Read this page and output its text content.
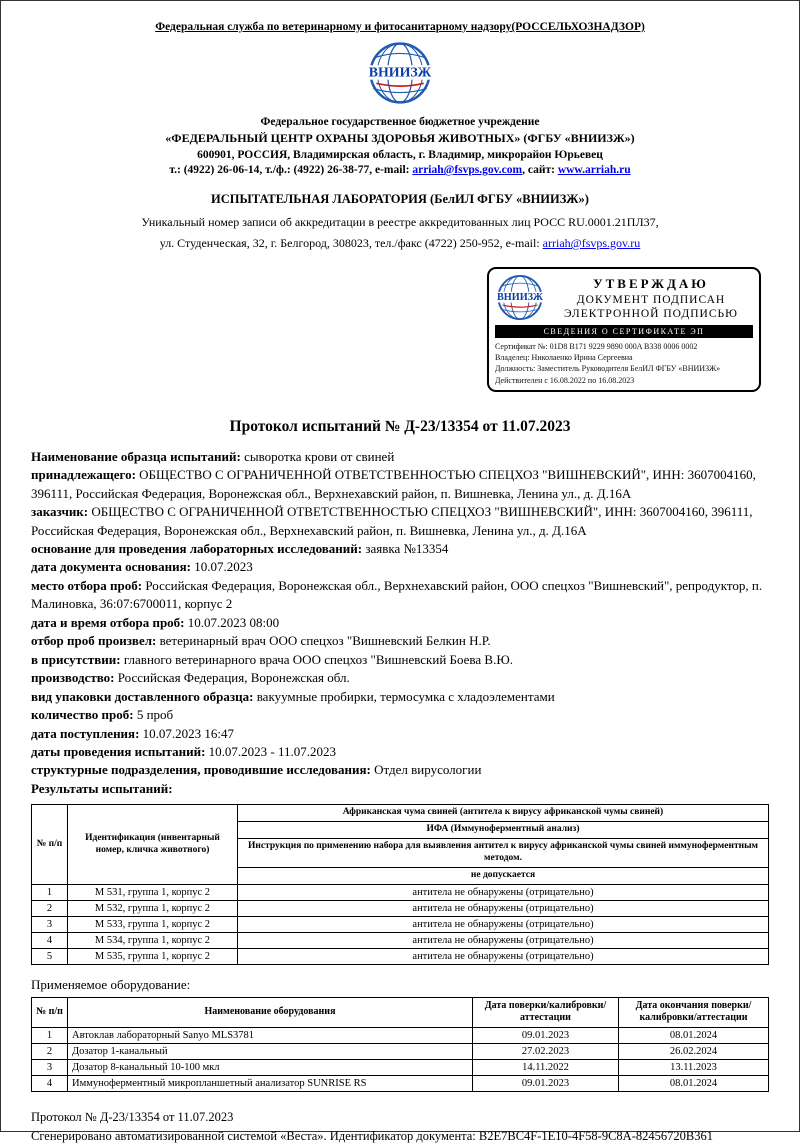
Федеральная служба по ветеринарному и фитосанитарному надзору(РОССЕЛЬХОЗНАДЗОР)
Федеральное государственное бюджетное учреждение
«ФЕДЕРАЛЬНЫЙ ЦЕНТР ОХРАНЫ ЗДОРОВЬЯ ЖИВОТНЫХ» (ФГБУ «ВНИИЗЖ»)
600901, РОССИЯ, Владимирская область, г. Владимир, микрорайон Юрьевец
т.: (4922) 26-06-14, т./ф.: (4922) 26-38-77, e-mail: arriah@fsvps.gov.com, сайт: www.arriah.ru
ИСПЫТАТЕЛЬНАЯ ЛАБОРАТОРИЯ (БелИЛ ФГБУ «ВНИИЗЖ»)
Уникальный номер записи об аккредитации в реестре аккредитованных лиц РОСС RU.0001.21ПЛ37,
ул. Студенческая, 32, г. Белгород, 308023, тел./факс (4722) 250-952, e-mail: arriah@fsvps.gov.ru
УТВЕРЖДАЮ
ДОКУМЕНТ ПОДПИСАН
ЭЛЕКТРОННОЙ ПОДПИСЬЮ
СВЕДЕНИЯ О СЕРТИФИКАТЕ ЭП
Сертификат №: 01D8 B171 9229 9890 000A B338 0006 0002
Владелец: Николаенко Ирина Сергеевна
Должность: Заместитель Руководителя БелИЛ ФГБУ «ВНИИЗЖ»
Действителен с 16.08.2022 по 16.08.2023
Протокол испытаний № Д-23/13354 от 11.07.2023
Наименование образца испытаний: сыворотка крови от свиней
принадлежащего: ОБЩЕСТВО С ОГРАНИЧЕННОЙ ОТВЕТСТВЕННОСТЬЮ СПЕЦХОЗ "ВИШНЕВСКИЙ", ИНН: 3607004160, 396111, Российская Федерация, Воронежская обл., Верхнехавский район, п. Вишневка, Ленина ул., д. Д.16А
заказчик: ОБЩЕСТВО С ОГРАНИЧЕННОЙ ОТВЕТСТВЕННОСТЬЮ СПЕЦХОЗ "ВИШНЕВСКИЙ", ИНН: 3607004160, 396111, Российская Федерация, Воронежская обл., Верхнехавский район, п. Вишневка, Ленина ул., д. Д.16А
основание для проведения лабораторных исследований: заявка №13354
дата документа основания: 10.07.2023
место отбора проб: Российская Федерация, Воронежская обл., Верхнехавский район, ООО спецхоз "Вишневский", репродуктор, п. Малиновка, 36:07:6700011, корпус 2
дата и время отбора проб: 10.07.2023 08:00
отбор проб произвел: ветеринарный врач ООО спецхоз "Вишневский Белкин Н.Р.
в присутствии: главного ветеринарного врача ООО спецхоз "Вишневский Боева В.Ю.
производство: Российская Федерация, Воронежская обл.
вид упаковки доставленного образца: вакуумные пробирки, термосумка с хладоэлементами
количество проб: 5 проб
дата поступления: 10.07.2023 16:47
даты проведения испытаний: 10.07.2023 - 11.07.2023
структурные подразделения, проводившие исследования: Отдел вирусологии
Результаты испытаний:
№ п/п	Идентификация (инвентарный номер, кличка животного)	Африканская чума свиней (антитела к вирусу африканской чумы свиней)
		ИФА (Иммуноферментный анализ)
		Инструкция по применению набора для выявления антител к вирусу африканской чумы свиней иммуноферментным методом.
		не допускается
1	М 531, группа 1, корпус 2	антитела не обнаружены (отрицательно)
2	М 532, группа 1, корпус 2	антитела не обнаружены (отрицательно)
3	М 533, группа 1, корпус 2	антитела не обнаружены (отрицательно)
4	М 534, группа 1, корпус 2	антитела не обнаружены (отрицательно)
5	М 535, группа 1, корпус 2	антитела не обнаружены (отрицательно)
Применяемое оборудование:
№ п/п	Наименование оборудования	Дата поверки/калибровки/аттестации	Дата окончания поверки/калибровки/аттестации
1	Автоклав лабораторный Sanyo MLS3781	09.01.2023	08.01.2024
2	Дозатор 1-канальный	27.02.2023	26.02.2024
3	Дозатор 8-канальный 10-100 мкл	14.11.2022	13.11.2023
4	Иммуноферментный микропланшетный анализатор SUNRISE RS	09.01.2023	08.01.2024
Протокол № Д-23/13354 от 11.07.2023
Сгенерировано автоматизированной системой «Веста». Идентификатор документа: B2E7BC4F-1E10-4F58-9C8A-82456720B361
